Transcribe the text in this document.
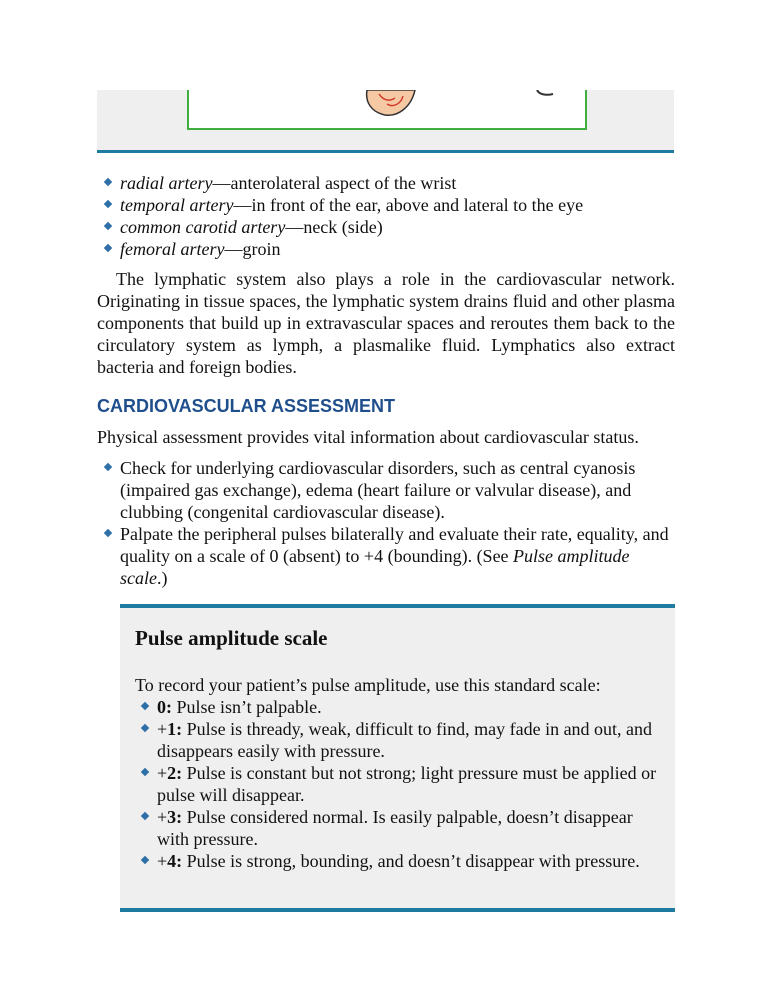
radial artery—anterolateral aspect of the wrist
temporal artery—in front of the ear, above and lateral to the eye
common carotid artery—neck (side)
femoral artery—groin

The lymphatic system also plays a role in the cardiovascular network. Originating in tissue spaces, the lymphatic system drains fluid and other plasma components that build up in extravascular spaces and reroutes them back to the circulatory system as lymph, a plasmalike fluid. Lymphatics also extract bacteria and foreign bodies.

CARDIOVASCULAR ASSESSMENT

Physical assessment provides vital information about cardiovascular status.

Check for underlying cardiovascular disorders, such as central cyanosis (impaired gas exchange), edema (heart failure or valvular disease), and clubbing (congenital cardiovascular disease).
Palpate the peripheral pulses bilaterally and evaluate their rate, equality, and quality on a scale of 0 (absent) to +4 (bounding). (See Pulse amplitude scale.)
Pulse amplitude scale

To record your patient’s pulse amplitude, use this standard scale:

0: Pulse isn’t palpable.
+1: Pulse is thready, weak, difficult to find, may fade in and out, and disappears easily with pressure.
+2: Pulse is constant but not strong; light pressure must be applied or pulse will disappear.
+3: Pulse considered normal. Is easily palpable, doesn’t disappear with pressure.
+4: Pulse is strong, bounding, and doesn’t disappear with pressure.
